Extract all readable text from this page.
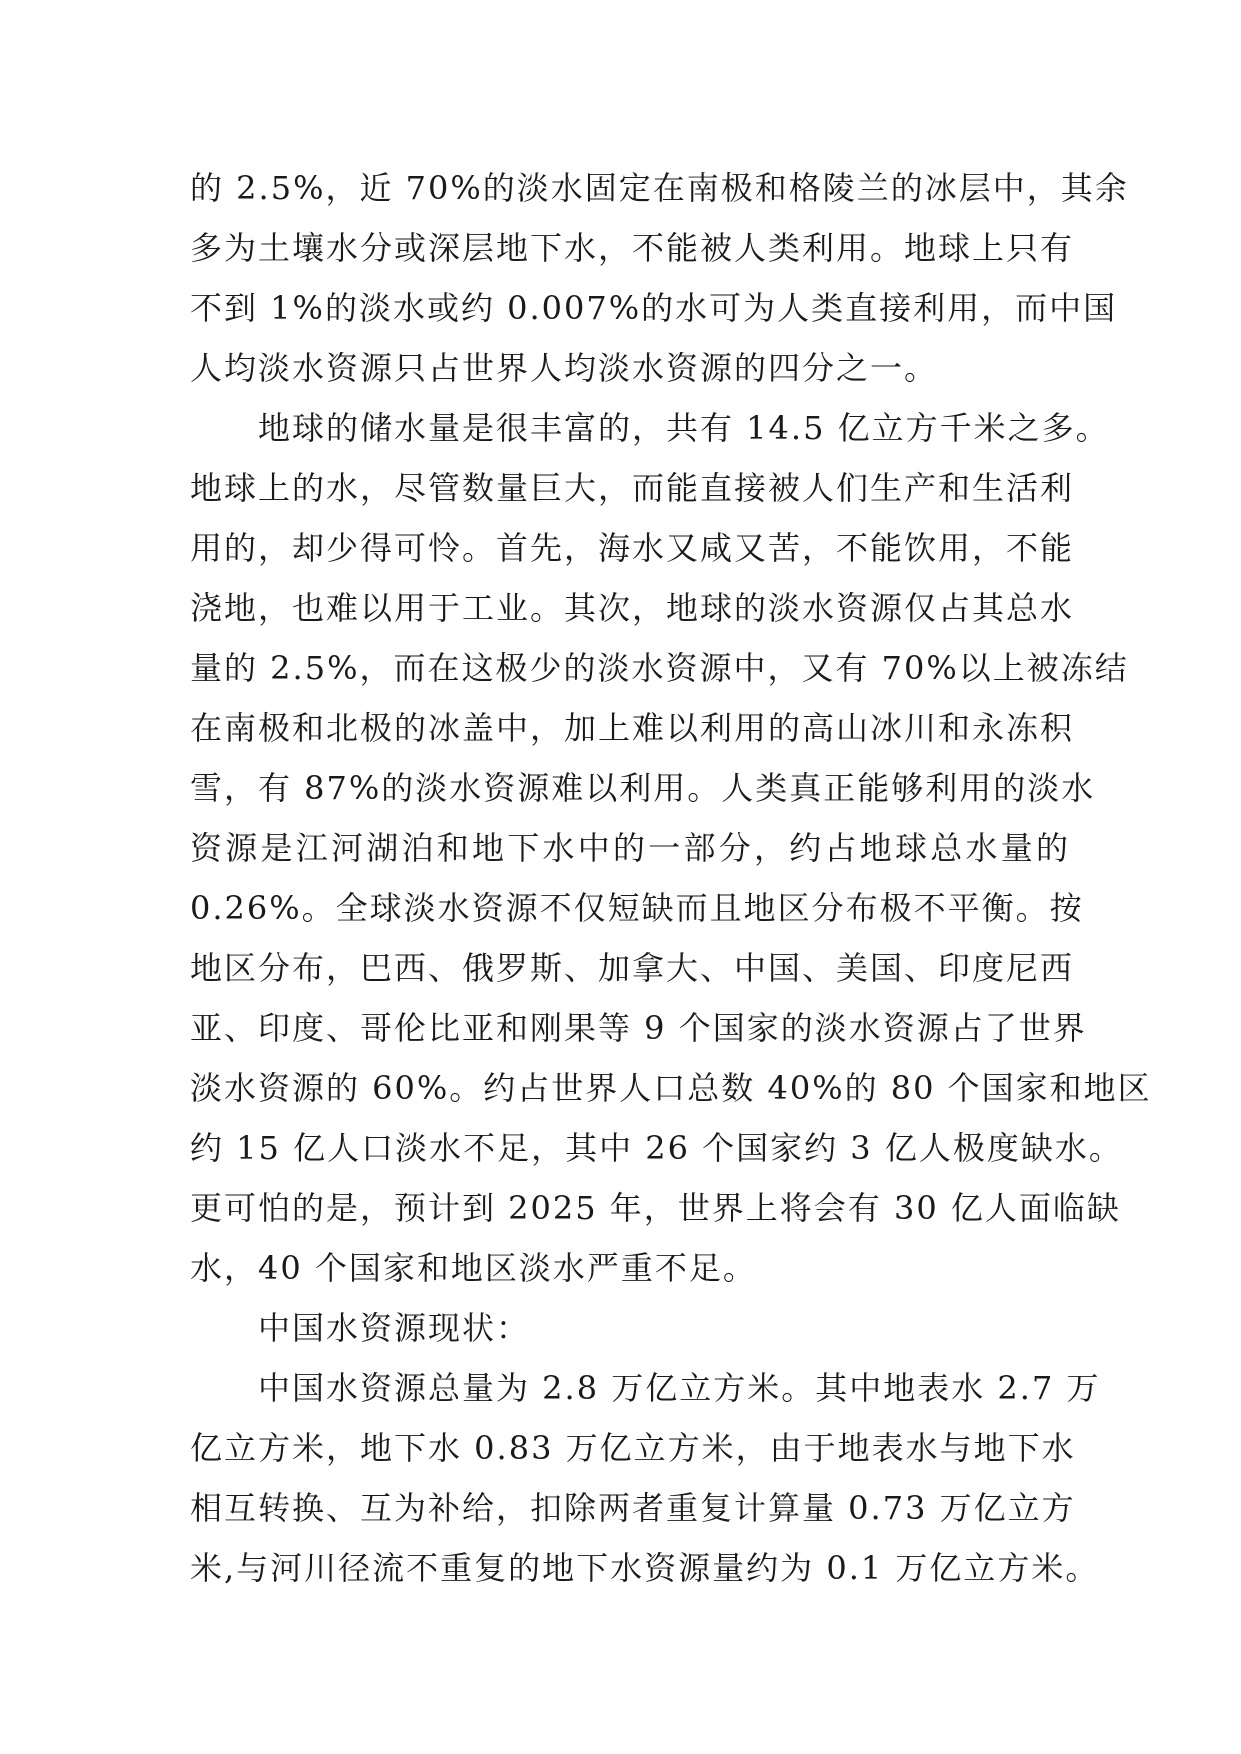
的 2.5%，近 70%的淡水固定在南极和格陵兰的冰层中，其余
多为土壤水分或深层地下水，不能被人类利用。地球上只有
不到 1%的淡水或约 0.007%的水可为人类直接利用，而中国
人均淡水资源只占世界人均淡水资源的四分之一。
地球的储水量是很丰富的，共有 14.5 亿立方千米之多。
地球上的水，尽管数量巨大，而能直接被人们生产和生活利
用的，却少得可怜。首先，海水又咸又苦，不能饮用，不能
浇地，也难以用于工业。其次，地球的淡水资源仅占其总水
量的 2.5%，而在这极少的淡水资源中，又有 70%以上被冻结
在南极和北极的冰盖中，加上难以利用的高山冰川和永冻积
雪，有 87%的淡水资源难以利用。人类真正能够利用的淡水
资源是江河湖泊和地下水中的一部分，约占地球总水量的
0.26%。全球淡水资源不仅短缺而且地区分布极不平衡。按
地区分布，巴西、俄罗斯、加拿大、中国、美国、印度尼西
亚、印度、哥伦比亚和刚果等 9 个国家的淡水资源占了世界
淡水资源的 60%。约占世界人口总数 40%的 80 个国家和地区
约 15 亿人口淡水不足，其中 26 个国家约 3 亿人极度缺水。
更可怕的是，预计到 2025 年，世界上将会有 30 亿人面临缺
水，40 个国家和地区淡水严重不足。
中国水资源现状：
中国水资源总量为 2.8 万亿立方米。其中地表水 2.7 万
亿立方米，地下水 0.83 万亿立方米，由于地表水与地下水
相互转换、互为补给，扣除两者重复计算量 0.73 万亿立方
米,与河川径流不重复的地下水资源量约为 0.1 万亿立方米。
